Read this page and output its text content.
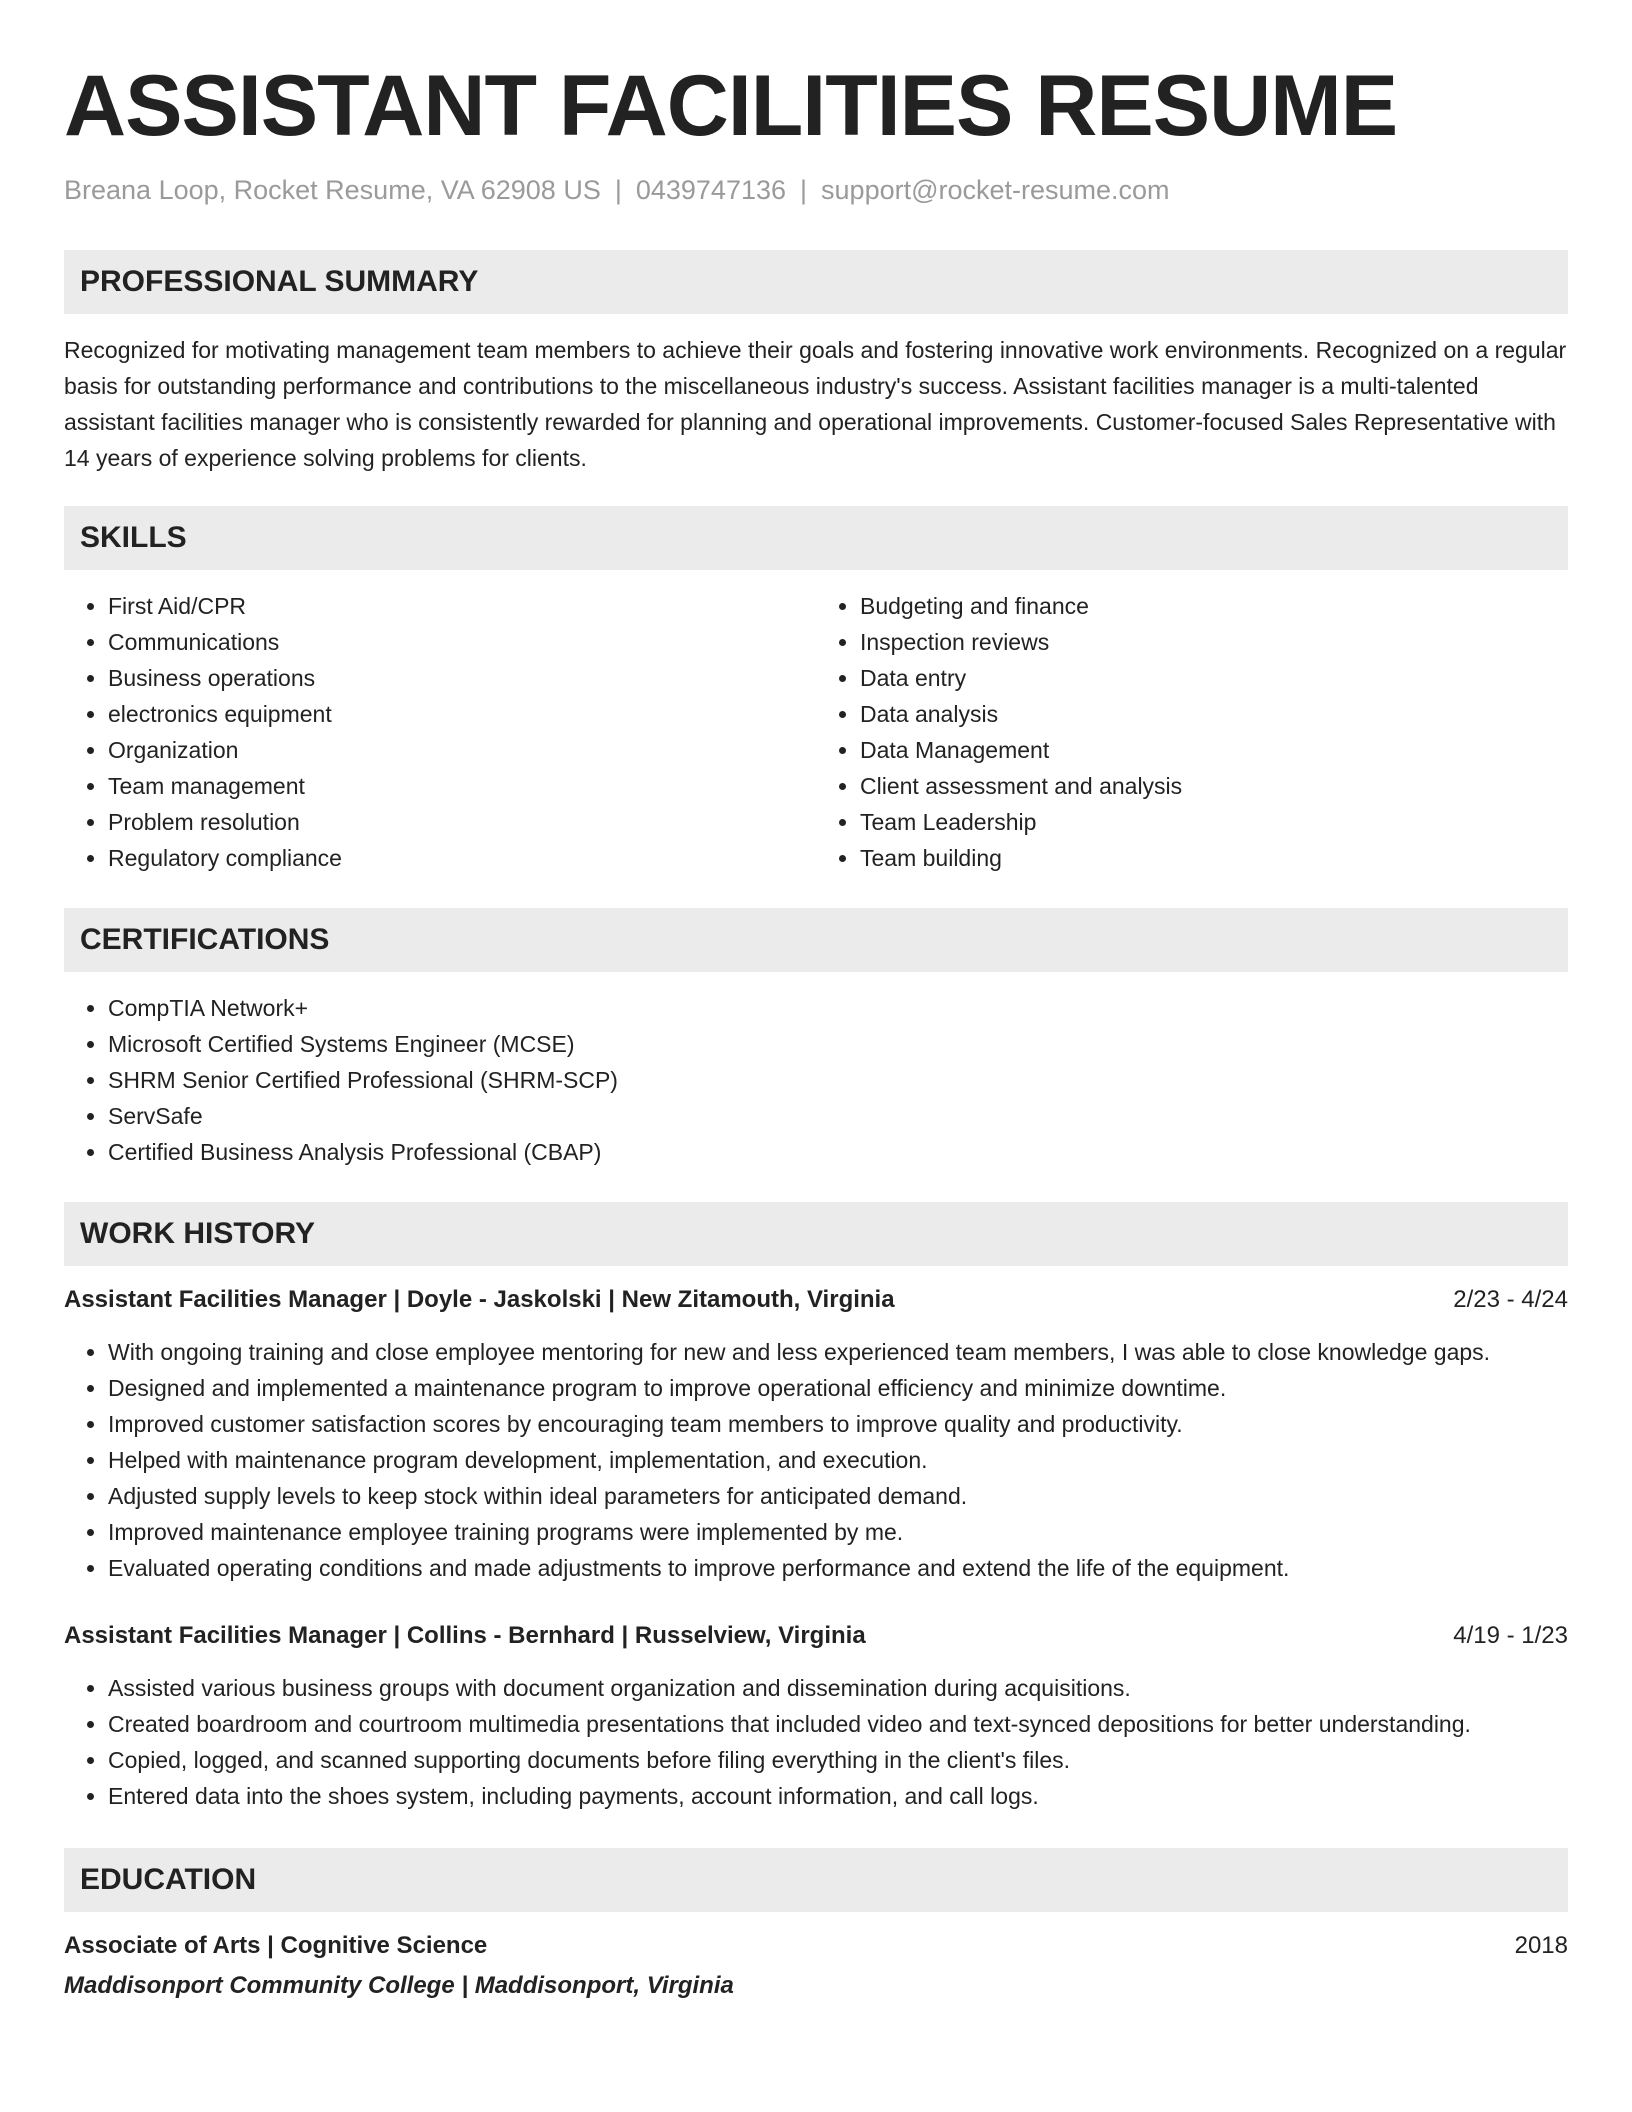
ASSISTANT FACILITIES RESUME
Breana Loop, Rocket Resume, VA 62908 US | 0439747136 | support@rocket-resume.com
PROFESSIONAL SUMMARY

Recognized for motivating management team members to achieve their goals and fostering innovative work environments. Recognized on a regular basis for outstanding performance and contributions to the miscellaneous industry's success. Assistant facilities manager is a multi-talented assistant facilities manager who is consistently rewarded for planning and operational improvements. Customer-focused Sales Representative with 14 years of experience solving problems for clients.

SKILLS
• First Aid/CPR
• Communications
• Business operations
• electronics equipment
• Organization
• Team management
• Problem resolution
• Regulatory compliance
• Budgeting and finance
• Inspection reviews
• Data entry
• Data analysis
• Data Management
• Client assessment and analysis
• Team Leadership
• Team building
CERTIFICATIONS
• CompTIA Network+
• Microsoft Certified Systems Engineer (MCSE)
• SHRM Senior Certified Professional (SHRM-SCP)
• ServSafe
• Certified Business Analysis Professional (CBAP)
WORK HISTORY
Assistant Facilities Manager | Doyle - Jaskolski | New Zitamouth, Virginia	2/23 - 4/24
• With ongoing training and close employee mentoring for new and less experienced team members, I was able to close knowledge gaps.
• Designed and implemented a maintenance program to improve operational efficiency and minimize downtime.
• Improved customer satisfaction scores by encouraging team members to improve quality and productivity.
• Helped with maintenance program development, implementation, and execution.
• Adjusted supply levels to keep stock within ideal parameters for anticipated demand.
• Improved maintenance employee training programs were implemented by me.
• Evaluated operating conditions and made adjustments to improve performance and extend the life of the equipment.
Assistant Facilities Manager | Collins - Bernhard | Russelview, Virginia	4/19 - 1/23
• Assisted various business groups with document organization and dissemination during acquisitions.
• Created boardroom and courtroom multimedia presentations that included video and text-synced depositions for better understanding.
• Copied, logged, and scanned supporting documents before filing everything in the client's files.
• Entered data into the shoes system, including payments, account information, and call logs.
EDUCATION
Associate of Arts | Cognitive Science	2018
Maddisonport Community College | Maddisonport, Virginia
